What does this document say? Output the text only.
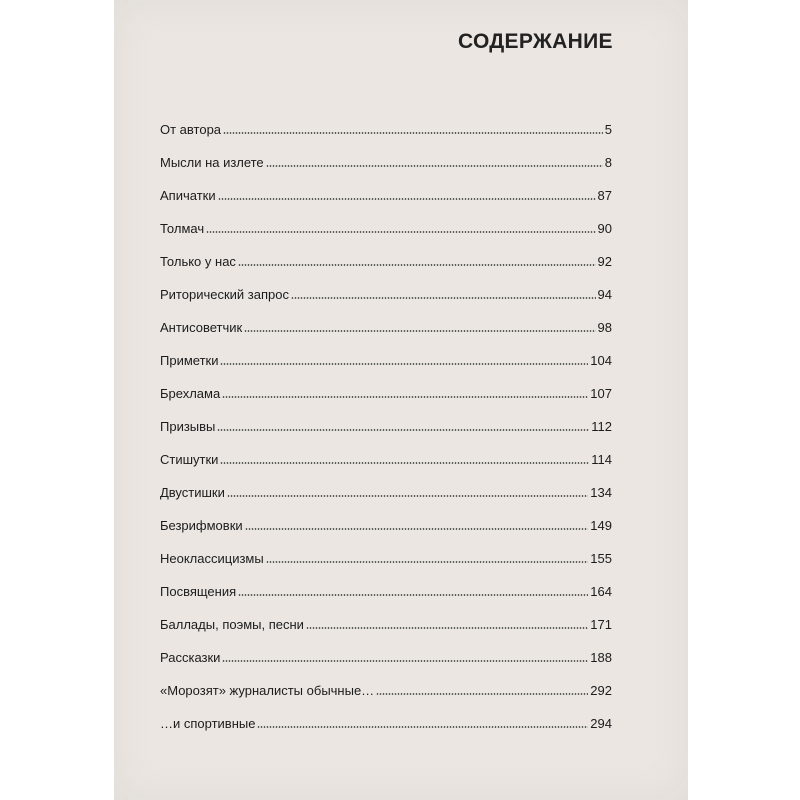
СОДЕРЖАНИЕ
От автора	5
Мысли на излете	8
Апичатки	87
Толмач	90
Только у нас	92
Риторический запрос	94
Антисоветчик	98
Приметки	104
Брехлама	107
Призывы	112
Стишутки	114
Двустишки	134
Безрифмовки	149
Неоклассицизмы	155
Посвящения	164
Баллады, поэмы, песни	171
Рассказки	188
«Морозят» журналисты обычные…	292
…и спортивные	294
